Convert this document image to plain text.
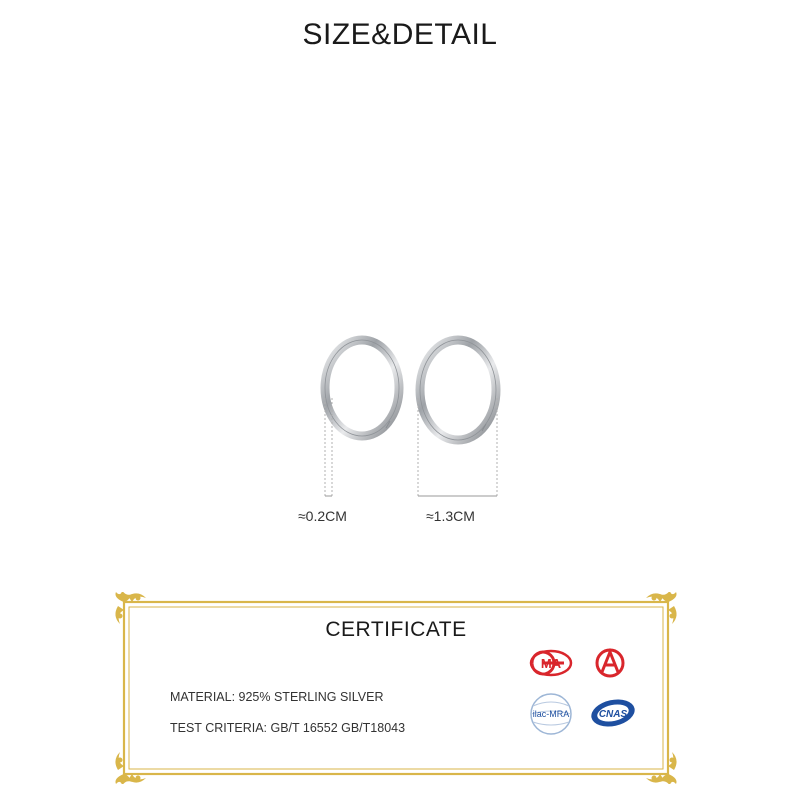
SIZE&DETAIL
≈0.2CM	≈1.3CM
CERTIFICATE
MATERIAL: 925% STERLING SILVER
TEST CRITERIA: GB/T 16552 GB/T18043
MA
ilac-MRA	CNAS
